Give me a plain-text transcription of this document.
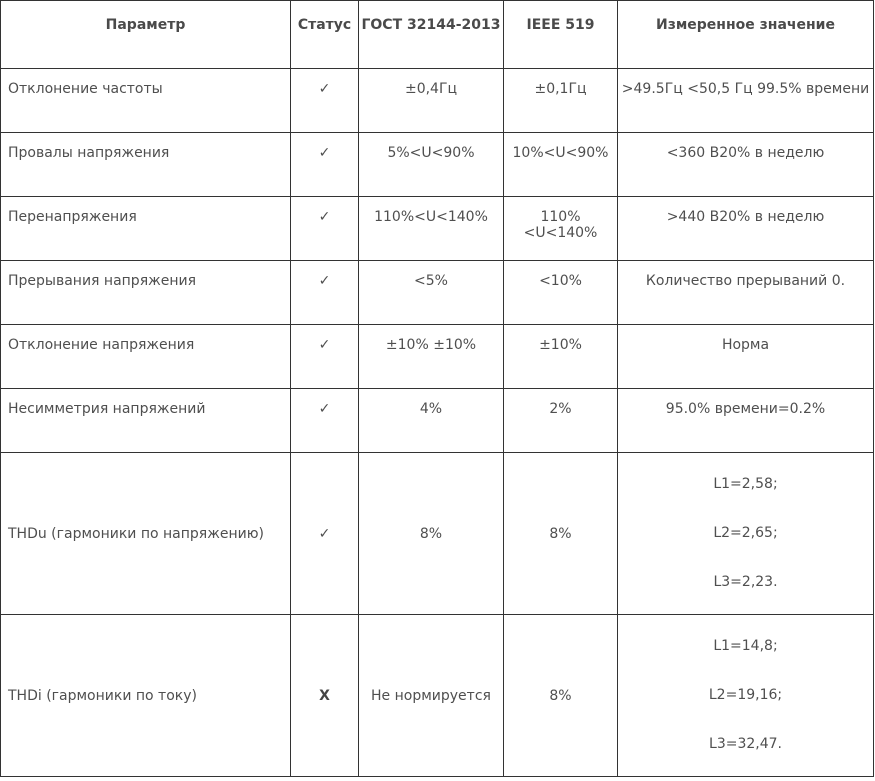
Параметр	Статус	ГОСТ 32144-2013	IEEE 519	Измеренное значение
Отклонение частоты	✓	±0,4Гц	±0,1Гц	>49.5Гц <50,5 Гц 99.5% времени
Провалы напряжения	✓	5%<U<90%	10%<U<90%	<360 В20% в неделю
Перенапряжения	✓	110%<U<140%	110%<U<140%	>440 В20% в неделю
Прерывания напряжения	✓	<5%	<10%	Количество прерываний 0.
Отклонение напряжения	✓	±10% ±10%	±10%	Норма
Несимметрия напряжений	✓	4%	2%	95.0% времени=0.2%
THDu (гармоники по напряжению)	✓	8%	8%	L1=2,58;
L2=2,65;
L3=2,23.

THDi (гармоники по току)	X	Не нормируется	8%	L1=14,8;
L2=19,16;
L3=32,47.
